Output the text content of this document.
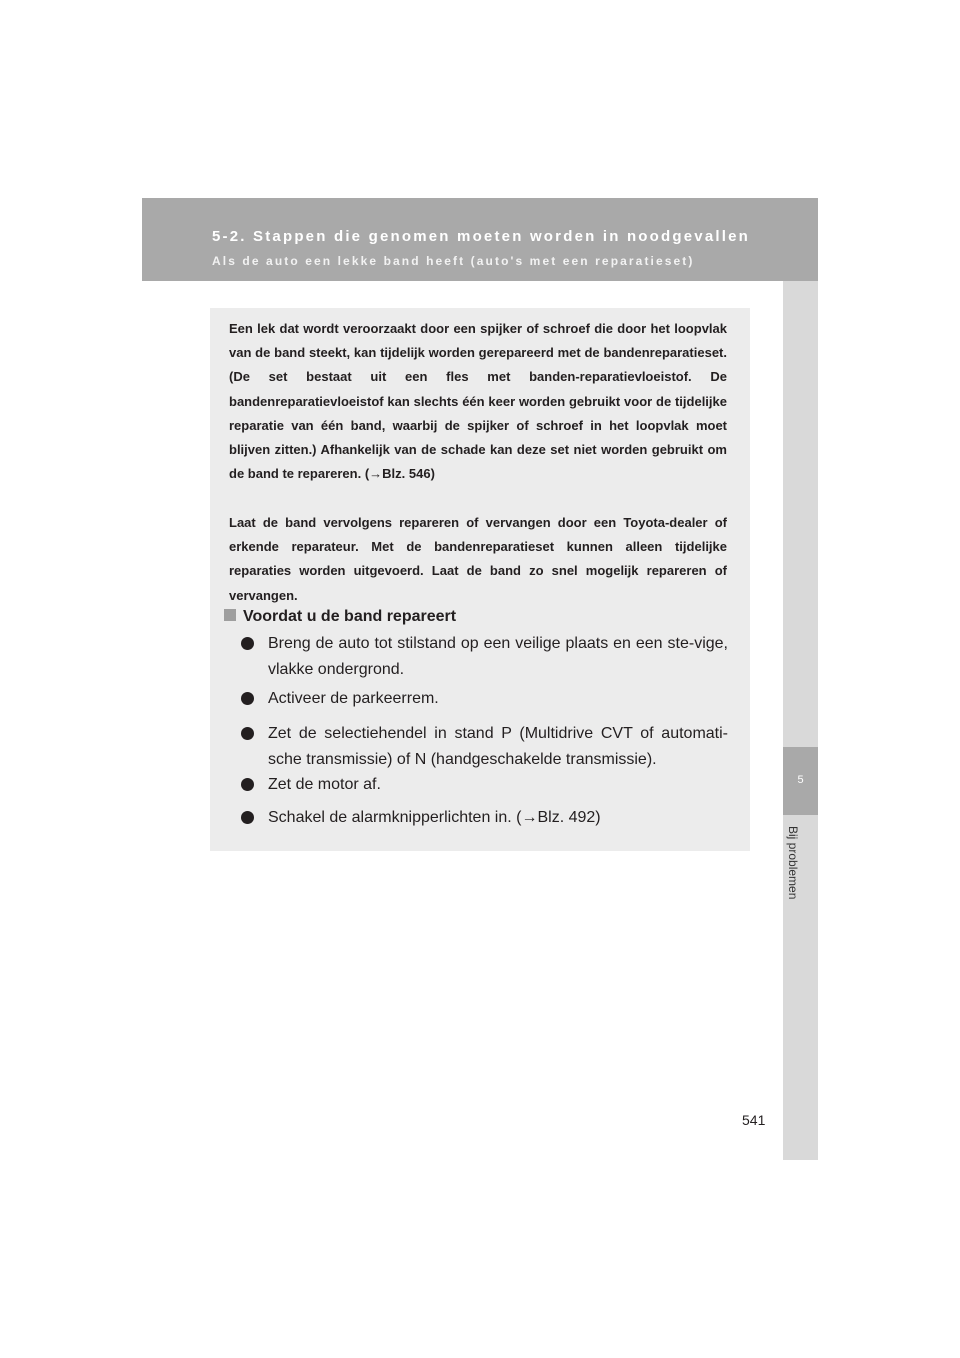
5-2. Stappen die genomen moeten worden in noodgevallen
Als de auto een lekke band heeft (auto's met een reparatieset)
5
Bij problemen

Een lek dat wordt veroorzaakt door een spijker of schroef die door het loopvlak van de band steekt, kan tijdelijk worden gerepareerd met de bandenreparatieset. (De set bestaat uit een fles met banden-reparatievloeistof. De bandenreparatievloeistof kan slechts één keer worden gebruikt voor de tijdelijke reparatie van één band, waarbij de spijker of schroef in het loopvlak moet blijven zitten.) Afhankelijk van de schade kan deze set niet worden gebruikt om de band te repareren. (→Blz. 546)

Laat de band vervolgens repareren of vervangen door een Toyota-dealer of erkende reparateur. Met de bandenreparatieset kunnen alleen tijdelijke reparaties worden uitgevoerd. Laat de band zo snel mogelijk repareren of vervangen.

Voordat u de band repareert
Breng de auto tot stilstand op een veilige plaats en een ste-vige, vlakke ondergrond.
Activeer de parkeerrem.
Zet de selectiehendel in stand P (Multidrive CVT of automati-sche transmissie) of N (handgeschakelde transmissie).
Zet de motor af.
Schakel de alarmknipperlichten in. (→Blz. 492)
541
